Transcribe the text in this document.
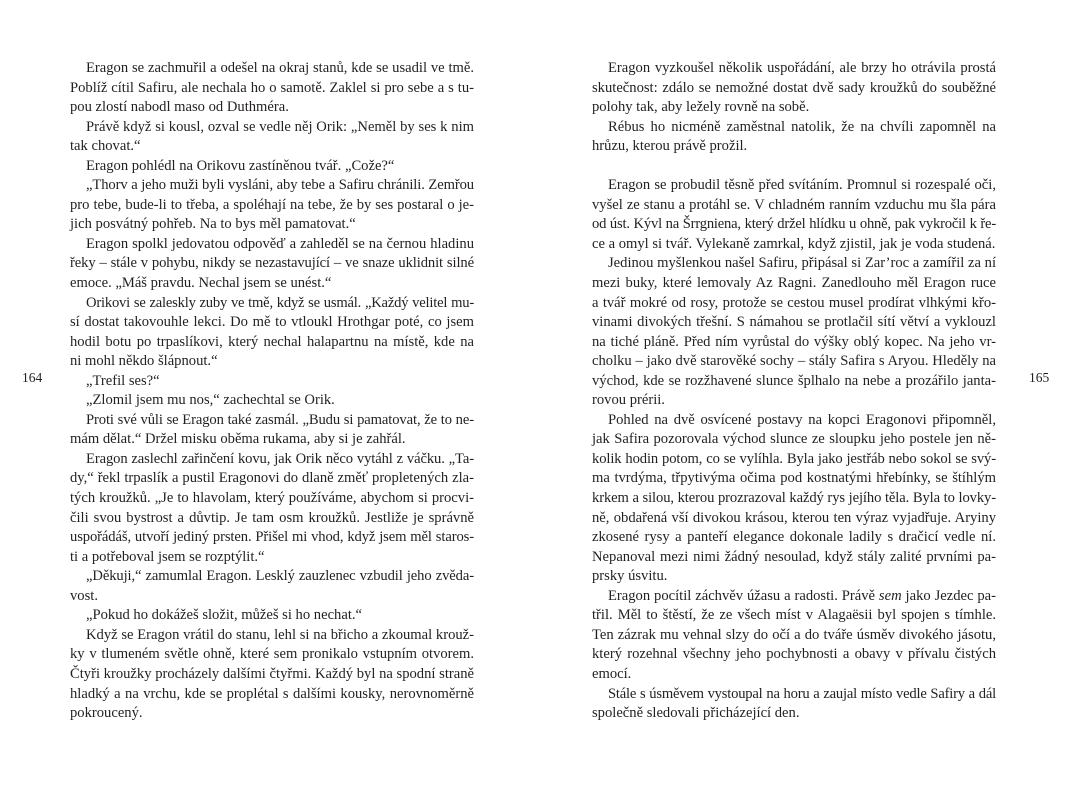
Eragon se zachmuřil a odešel na okraj stanů, kde se usadil ve tmě.
Poblíž cítil Safiru, ale nechala ho o samotě. Zaklel si pro sebe a s tu-
pou zlostí nabodl maso od Duthméra.
Právě když si kousl, ozval se vedle něj Orik: „Neměl by ses k nim
tak chovat.“
Eragon pohlédl na Orikovu zastíněnou tvář. „Cože?“
„Thorv a jeho muži byli vysláni, aby tebe a Safiru chránili. Zemřou
pro tebe, bude-li to třeba, a spoléhají na tebe, že by ses postaral o je-
jich posvátný pohřeb. Na to bys měl pamatovat.“
Eragon spolkl jedovatou odpověď a zahleděl se na černou hladinu
řeky – stále v pohybu, nikdy se nezastavující – ve snaze uklidnit silné
emoce. „Máš pravdu. Nechal jsem se unést.“
Orikovi se zaleskly zuby ve tmě, když se usmál. „Každý velitel mu-
sí dostat takovouhle lekci. Do mě to vtloukl Hrothgar poté, co jsem
hodil botu po trpaslíkovi, který nechal halapartnu na místě, kde na
ni mohl někdo šlápnout.“
„Trefil ses?“
„Zlomil jsem mu nos,“ zachechtal se Orik.
Proti své vůli se Eragon také zasmál. „Budu si pamatovat, že to ne-
mám dělat.“ Držel misku oběma rukama, aby si je zahřál.
Eragon zaslechl zařinčení kovu, jak Orik něco vytáhl z váčku. „Ta-
dy,“ řekl trpaslík a pustil Eragonovi do dlaně změť propletených zla-
tých kroužků. „Je to hlavolam, který používáme, abychom si procvi-
čili svou bystrost a důvtip. Je tam osm kroužků. Jestliže je správně
uspořádáš, utvoří jediný prsten. Přišel mi vhod, když jsem měl staros-
ti a potřeboval jsem se rozptýlit.“
„Děkuji,“ zamumlal Eragon. Lesklý zauzlenec vzbudil jeho zvěda-
vost.
„Pokud ho dokážeš složit, můžeš si ho nechat.“
Když se Eragon vrátil do stanu, lehl si na břicho a zkoumal krouž-
ky v tlumeném světle ohně, které sem pronikalo vstupním otvorem.
Čtyři kroužky procházely dalšími čtyřmi. Každý byl na spodní straně
hladký a na vrchu, kde se proplétal s dalšími kousky, nerovnoměrně
pokroucený.
Eragon vyzkoušel několik uspořádání, ale brzy ho otrávila prostá
skutečnost: zdálo se nemožné dostat dvě sady kroužků do souběžné
polohy tak, aby ležely rovně na sobě.
Rébus ho nicméně zaměstnal natolik, že na chvíli zapomněl na
hrůzu, kterou právě prožil.
Eragon se probudil těsně před svítáním. Promnul si rozespalé oči,
vyšel ze stanu a protáhl se. V chladném ranním vzduchu mu šla pára
od úst. Kývl na Šrrgniena, který držel hlídku u ohně, pak vykročil k ře-
ce a omyl si tvář. Vylekaně zamrkal, když zjistil, jak je voda studená.
Jedinou myšlenkou našel Safiru, připásal si Zar’roc a zamířil za ní
mezi buky, které lemovaly Az Ragni. Zanedlouho měl Eragon ruce
a tvář mokré od rosy, protože se cestou musel prodírat vlhkými křo-
vinami divokých třešní. S námahou se protlačil sítí větví a vyklouzl
na tiché pláně. Před ním vyrůstal do výšky oblý kopec. Na jeho vr-
cholku – jako dvě starověké sochy – stály Safira s Aryou. Hleděly na
východ, kde se rozžhavené slunce šplhalo na nebe a prozářilo janta-
rovou prérii.
Pohled na dvě osvícené postavy na kopci Eragonovi připomněl,
jak Safira pozorovala východ slunce ze sloupku jeho postele jen ně-
kolik hodin potom, co se vylíhla. Byla jako jestřáb nebo sokol se svý-
ma tvrdýma, třpytivýma očima pod kostnatými hřebínky, se štíhlým
krkem a silou, kterou prozrazoval každý rys jejího těla. Byla to lovky-
ně, obdařená vší divokou krásou, kterou ten výraz vyjadřuje. Aryiny
zkosené rysy a panteří elegance dokonale ladily s dračicí vedle ní.
Nepanoval mezi nimi žádný nesoulad, když stály zalité prvními pa-
prsky úsvitu.
Eragon pocítil záchvěv úžasu a radosti. Právě sem jako Jezdec pa-
třil. Měl to štěstí, že ze všech míst v Alagaësii byl spojen s tímhle.
Ten zázrak mu vehnal slzy do očí a do tváře úsměv divokého jásotu,
který rozehnal všechny jeho pochybnosti a obavy v přívalu čistých
emocí.
Stále s úsměvem vystoupal na horu a zaujal místo vedle Safiry a dál
společně sledovali přicházející den.
164	165
